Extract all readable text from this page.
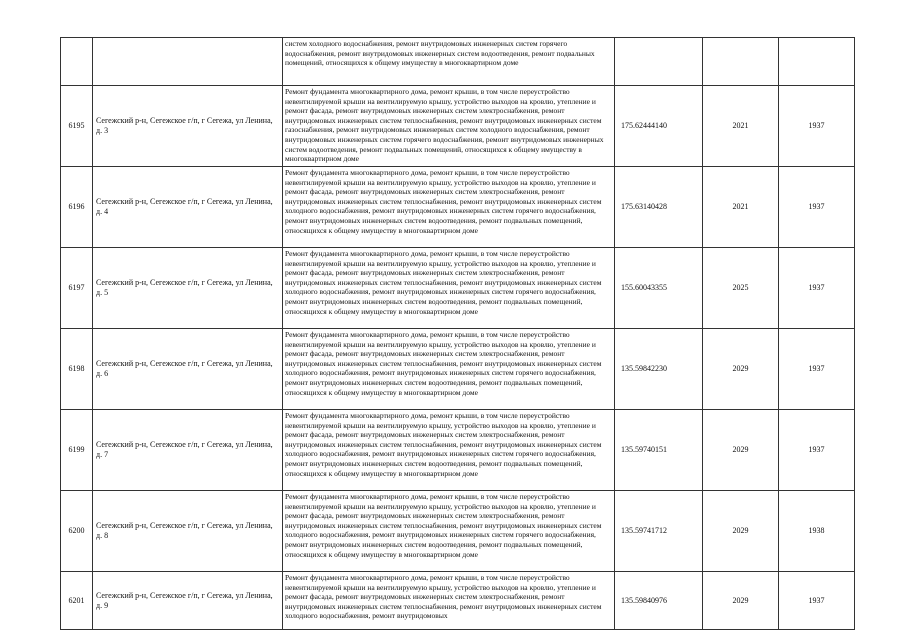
		систем холодного водоснабжения, ремонт внутридомовых инженерных систем горячего водоснабжения, ремонт внутридомовых инженерных систем водоотведения, ремонт подвальных помещений, относящихся к общему имуществу в многоквартирном доме			
6195	Сегежский р-н, Сегежское г/п, г Сегежа, ул Ленина, д. 3	Ремонт фундамента многоквартирного дома, ремонт крыши, в том числе переустройство невентилируемой крыши на вентилируемую крышу, устройство выходов на кровлю, утепление и ремонт фасада, ремонт внутридомовых инженерных систем электроснабжения, ремонт внутридомовых инженерных систем теплоснабжения, ремонт внутридомовых инженерных систем газоснабжения, ремонт внутридомовых инженерных систем холодного водоснабжения, ремонт внутридомовых инженерных систем горячего водоснабжения, ремонт внутридомовых инженерных систем водоотведения, ремонт подвальных помещений, относящихся к общему имуществу в многоквартирном доме	175.62444140	2021	1937
6196	Сегежский р-н, Сегежское г/п, г Сегежа, ул Ленина, д. 4	Ремонт фундамента многоквартирного дома, ремонт крыши, в том числе переустройство невентилируемой крыши на вентилируемую крышу, устройство выходов на кровлю, утепление и ремонт фасада, ремонт внутридомовых инженерных систем электроснабжения, ремонт внутридомовых инженерных систем теплоснабжения, ремонт внутридомовых инженерных систем холодного водоснабжения, ремонт внутридомовых инженерных систем горячего водоснабжения, ремонт внутридомовых инженерных систем водоотведения, ремонт подвальных помещений, относящихся к общему имуществу в многоквартирном доме	175.63140428	2021	1937
6197	Сегежский р-н, Сегежское г/п, г Сегежа, ул Ленина, д. 5	Ремонт фундамента многоквартирного дома, ремонт крыши, в том числе переустройство невентилируемой крыши на вентилируемую крышу, устройство выходов на кровлю, утепление и ремонт фасада, ремонт внутридомовых инженерных систем электроснабжения, ремонт внутридомовых инженерных систем теплоснабжения, ремонт внутридомовых инженерных систем холодного водоснабжения, ремонт внутридомовых инженерных систем горячего водоснабжения, ремонт внутридомовых инженерных систем водоотведения, ремонт подвальных помещений, относящихся к общему имуществу в многоквартирном доме	155.60043355	2025	1937
6198	Сегежский р-н, Сегежское г/п, г Сегежа, ул Ленина, д. 6	Ремонт фундамента многоквартирного дома, ремонт крыши, в том числе переустройство невентилируемой крыши на вентилируемую крышу, устройство выходов на кровлю, утепление и ремонт фасада, ремонт внутридомовых инженерных систем электроснабжения, ремонт внутридомовых инженерных систем теплоснабжения, ремонт внутридомовых инженерных систем холодного водоснабжения, ремонт внутридомовых инженерных систем горячего водоснабжения, ремонт внутридомовых инженерных систем водоотведения, ремонт подвальных помещений, относящихся к общему имуществу в многоквартирном доме	135.59842230	2029	1937
6199	Сегежский р-н, Сегежское г/п, г Сегежа, ул Ленина, д. 7	Ремонт фундамента многоквартирного дома, ремонт крыши, в том числе переустройство невентилируемой крыши на вентилируемую крышу, устройство выходов на кровлю, утепление и ремонт фасада, ремонт внутридомовых инженерных систем электроснабжения, ремонт внутридомовых инженерных систем теплоснабжения, ремонт внутридомовых инженерных систем холодного водоснабжения, ремонт внутридомовых инженерных систем горячего водоснабжения, ремонт внутридомовых инженерных систем водоотведения, ремонт подвальных помещений, относящихся к общему имуществу в многоквартирном доме	135.59740151	2029	1937
6200	Сегежский р-н, Сегежское г/п, г Сегежа, ул Ленина, д. 8	Ремонт фундамента многоквартирного дома, ремонт крыши, в том числе переустройство невентилируемой крыши на вентилируемую крышу, устройство выходов на кровлю, утепление и ремонт фасада, ремонт внутридомовых инженерных систем электроснабжения, ремонт внутридомовых инженерных систем теплоснабжения, ремонт внутридомовых инженерных систем холодного водоснабжения, ремонт внутридомовых инженерных систем горячего водоснабжения, ремонт внутридомовых инженерных систем водоотведения, ремонт подвальных помещений, относящихся к общему имуществу в многоквартирном доме	135.59741712	2029	1938
6201	Сегежский р-н, Сегежское г/п, г Сегежа, ул Ленина, д. 9	Ремонт фундамента многоквартирного дома, ремонт крыши, в том числе переустройство невентилируемой крыши на вентилируемую крышу, устройство выходов на кровлю, утепление и ремонт фасада, ремонт внутридомовых инженерных систем электроснабжения, ремонт внутридомовых инженерных систем теплоснабжения, ремонт внутридомовых инженерных систем холодного водоснабжения, ремонт внутридомовых	135.59840976	2029	1937
